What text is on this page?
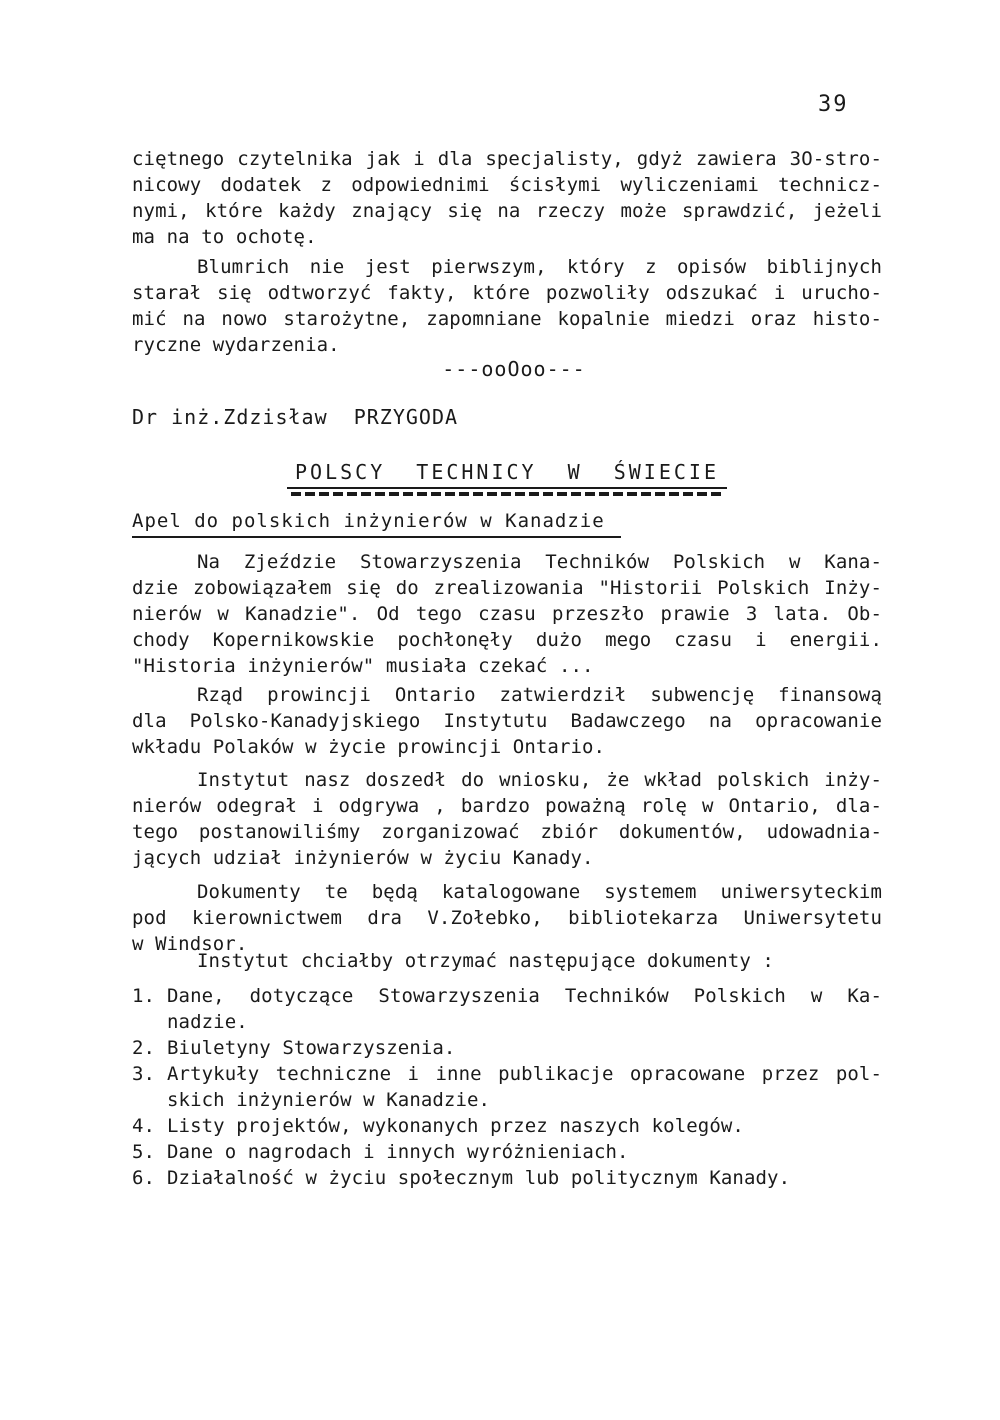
39
ciętnego czytelnika jak i dla specjalisty, gdyż zawiera 3O-stro-
nicowy dodatek z odpowiednimi ścisłymi wyliczeniami technicz-
nymi, które każdy znający się na rzeczy może sprawdzić, jeżeli
ma na to ochotę.
Blumrich nie jest pierwszym, który z opisów biblijnych
starał się odtworzyć fakty, które pozwoliły odszukać i urucho-
mić na nowo starożytne, zapomniane kopalnie miedzi oraz histo-
ryczne wydarzenia.
---ooOoo---
Dr inż.Zdzisław  PRZYGODA
POLSCY TECHNICY W ŚWIECIE
Apel do polskich inżynierów w Kanadzie
Na Zjeździe Stowarzyszenia Techników Polskich w Kana-
dzie zobowiązałem się do zrealizowania "Historii Polskich Inży-
nierów w Kanadzie". Od tego czasu przeszło prawie 3 lata. Ob-
chody Kopernikowskie pochłonęły dużo mego czasu i energii.
"Historia inżynierów" musiała czekać ...
Rząd prowincji Ontario zatwierdził subwencję finansową
dla Polsko-Kanadyjskiego Instytutu Badawczego na opracowanie
wkładu Polaków w życie prowincji Ontario.
Instytut nasz doszedł do wniosku, że wkład polskich inży-
nierów odegrał i odgrywa , bardzo poważną rolę w Ontario, dla-
tego postanowiliśmy zorganizować zbiór dokumentów, udowadnia-
jących udział inżynierów w życiu Kanady.
Dokumenty te będą katalogowane systemem uniwersyteckim
pod kierownictwem dra V.Zołebko, bibliotekarza Uniwersytetu
w Windsor.
Instytut chciałby otrzymać następujące dokumenty :
1. Dane, dotyczące Stowarzyszenia Techników Polskich w Ka-
nadzie.
2. Biuletyny Stowarzyszenia.
3. Artykuły techniczne i inne publikacje opracowane przez pol-
skich inżynierów w Kanadzie.
4. Listy projektów, wykonanych przez naszych kolegów.
5. Dane o nagrodach i innych wyróżnieniach.
6. Działalność w życiu społecznym lub politycznym Kanady.
